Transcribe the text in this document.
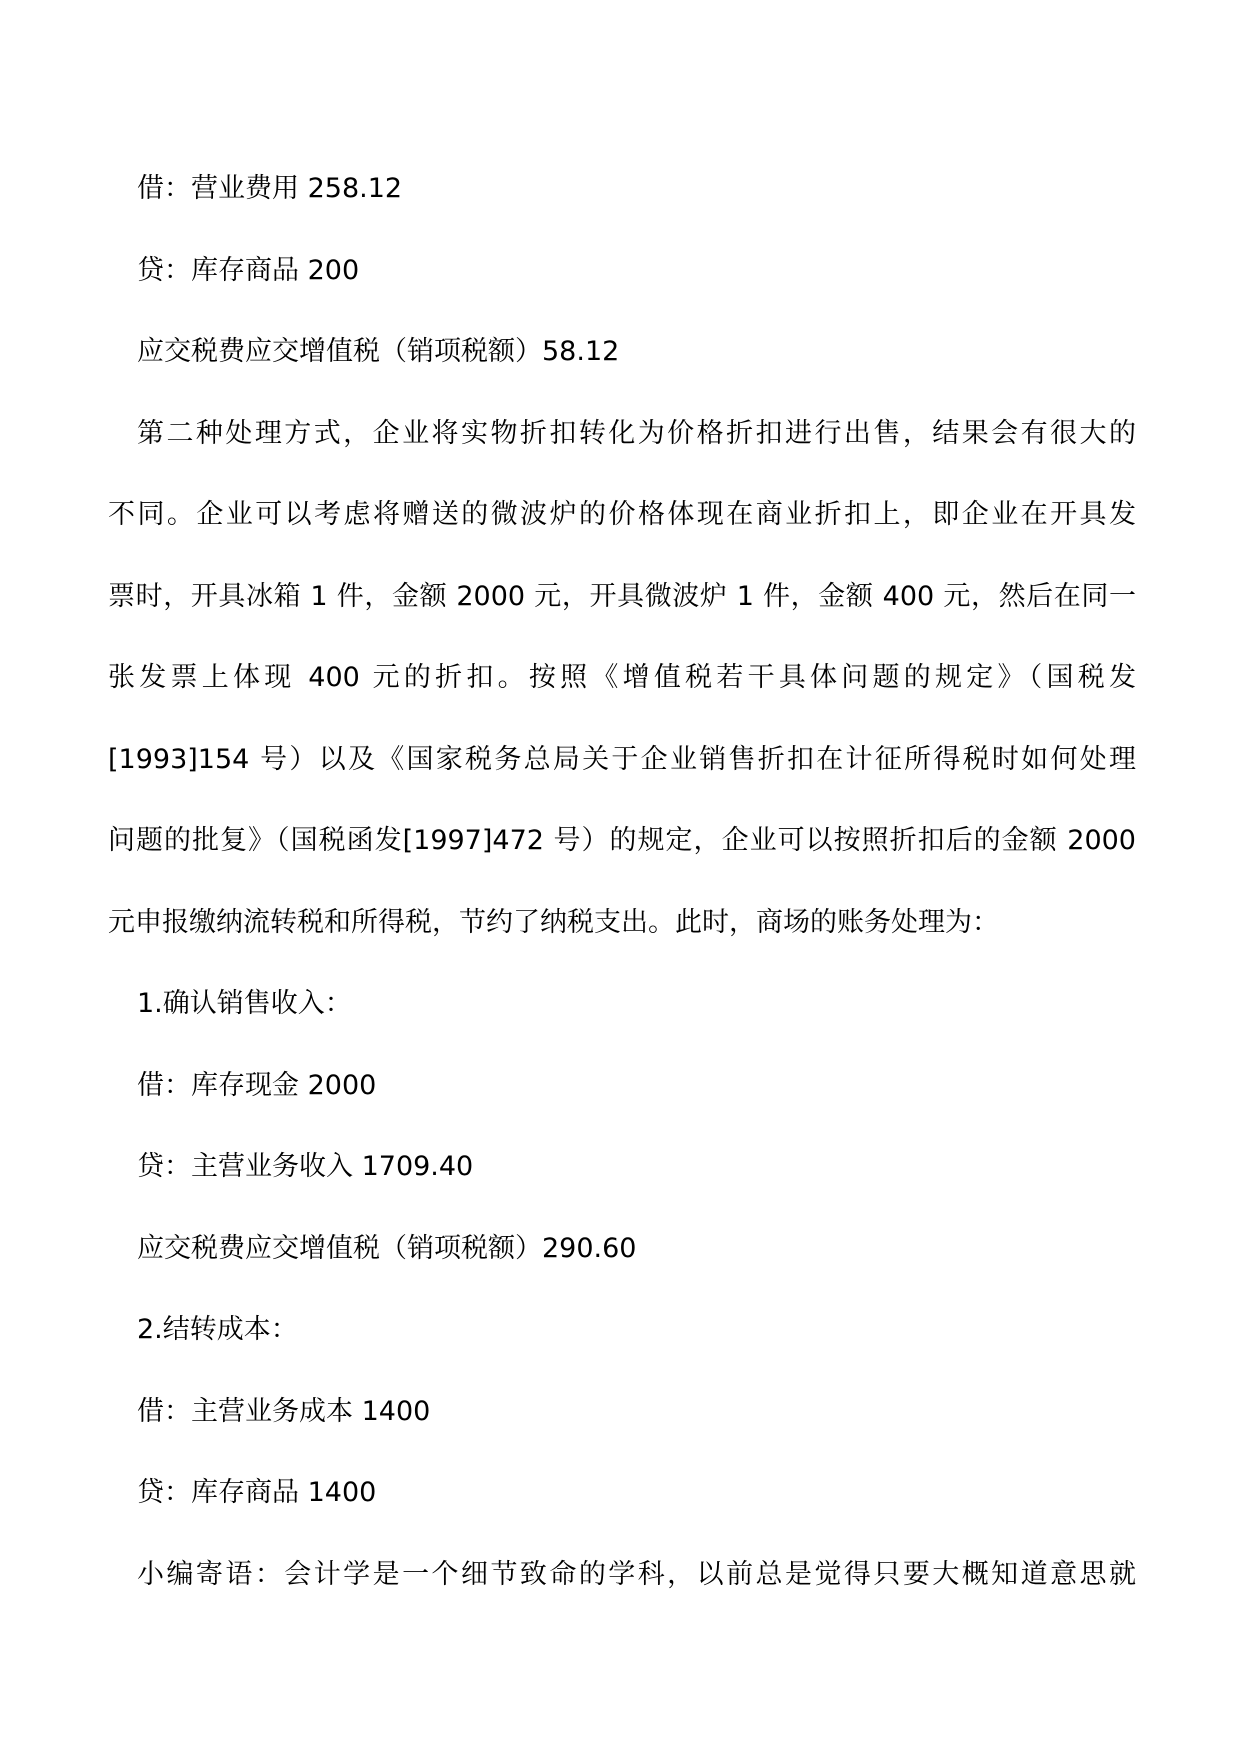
借：营业费用 258.12
贷：库存商品 200
应交税费应交增值税（销项税额）58.12
第二种处理方式，企业将实物折扣转化为价格折扣进行出售，结果会有很大的
不同。企业可以考虑将赠送的微波炉的价格体现在商业折扣上，即企业在开具发
票时，开具冰箱 1 件，金额 2000 元，开具微波炉 1 件，金额 400 元，然后在同一
张发票上体现 400 元的折扣。按照《增值税若干具体问题的规定》（国税发
[1993]154 号）以及《国家税务总局关于企业销售折扣在计征所得税时如何处理
问题的批复》（国税函发[1997]472 号）的规定，企业可以按照折扣后的金额 2000
元申报缴纳流转税和所得税，节约了纳税支出。此时，商场的账务处理为：
1.确认销售收入：
借：库存现金 2000
贷：主营业务收入 1709.40
应交税费应交增值税（销项税额）290.60
2.结转成本：
借：主营业务成本 1400
贷：库存商品 1400
小编寄语：会计学是一个细节致命的学科，以前总是觉得只要大概知道意思就
